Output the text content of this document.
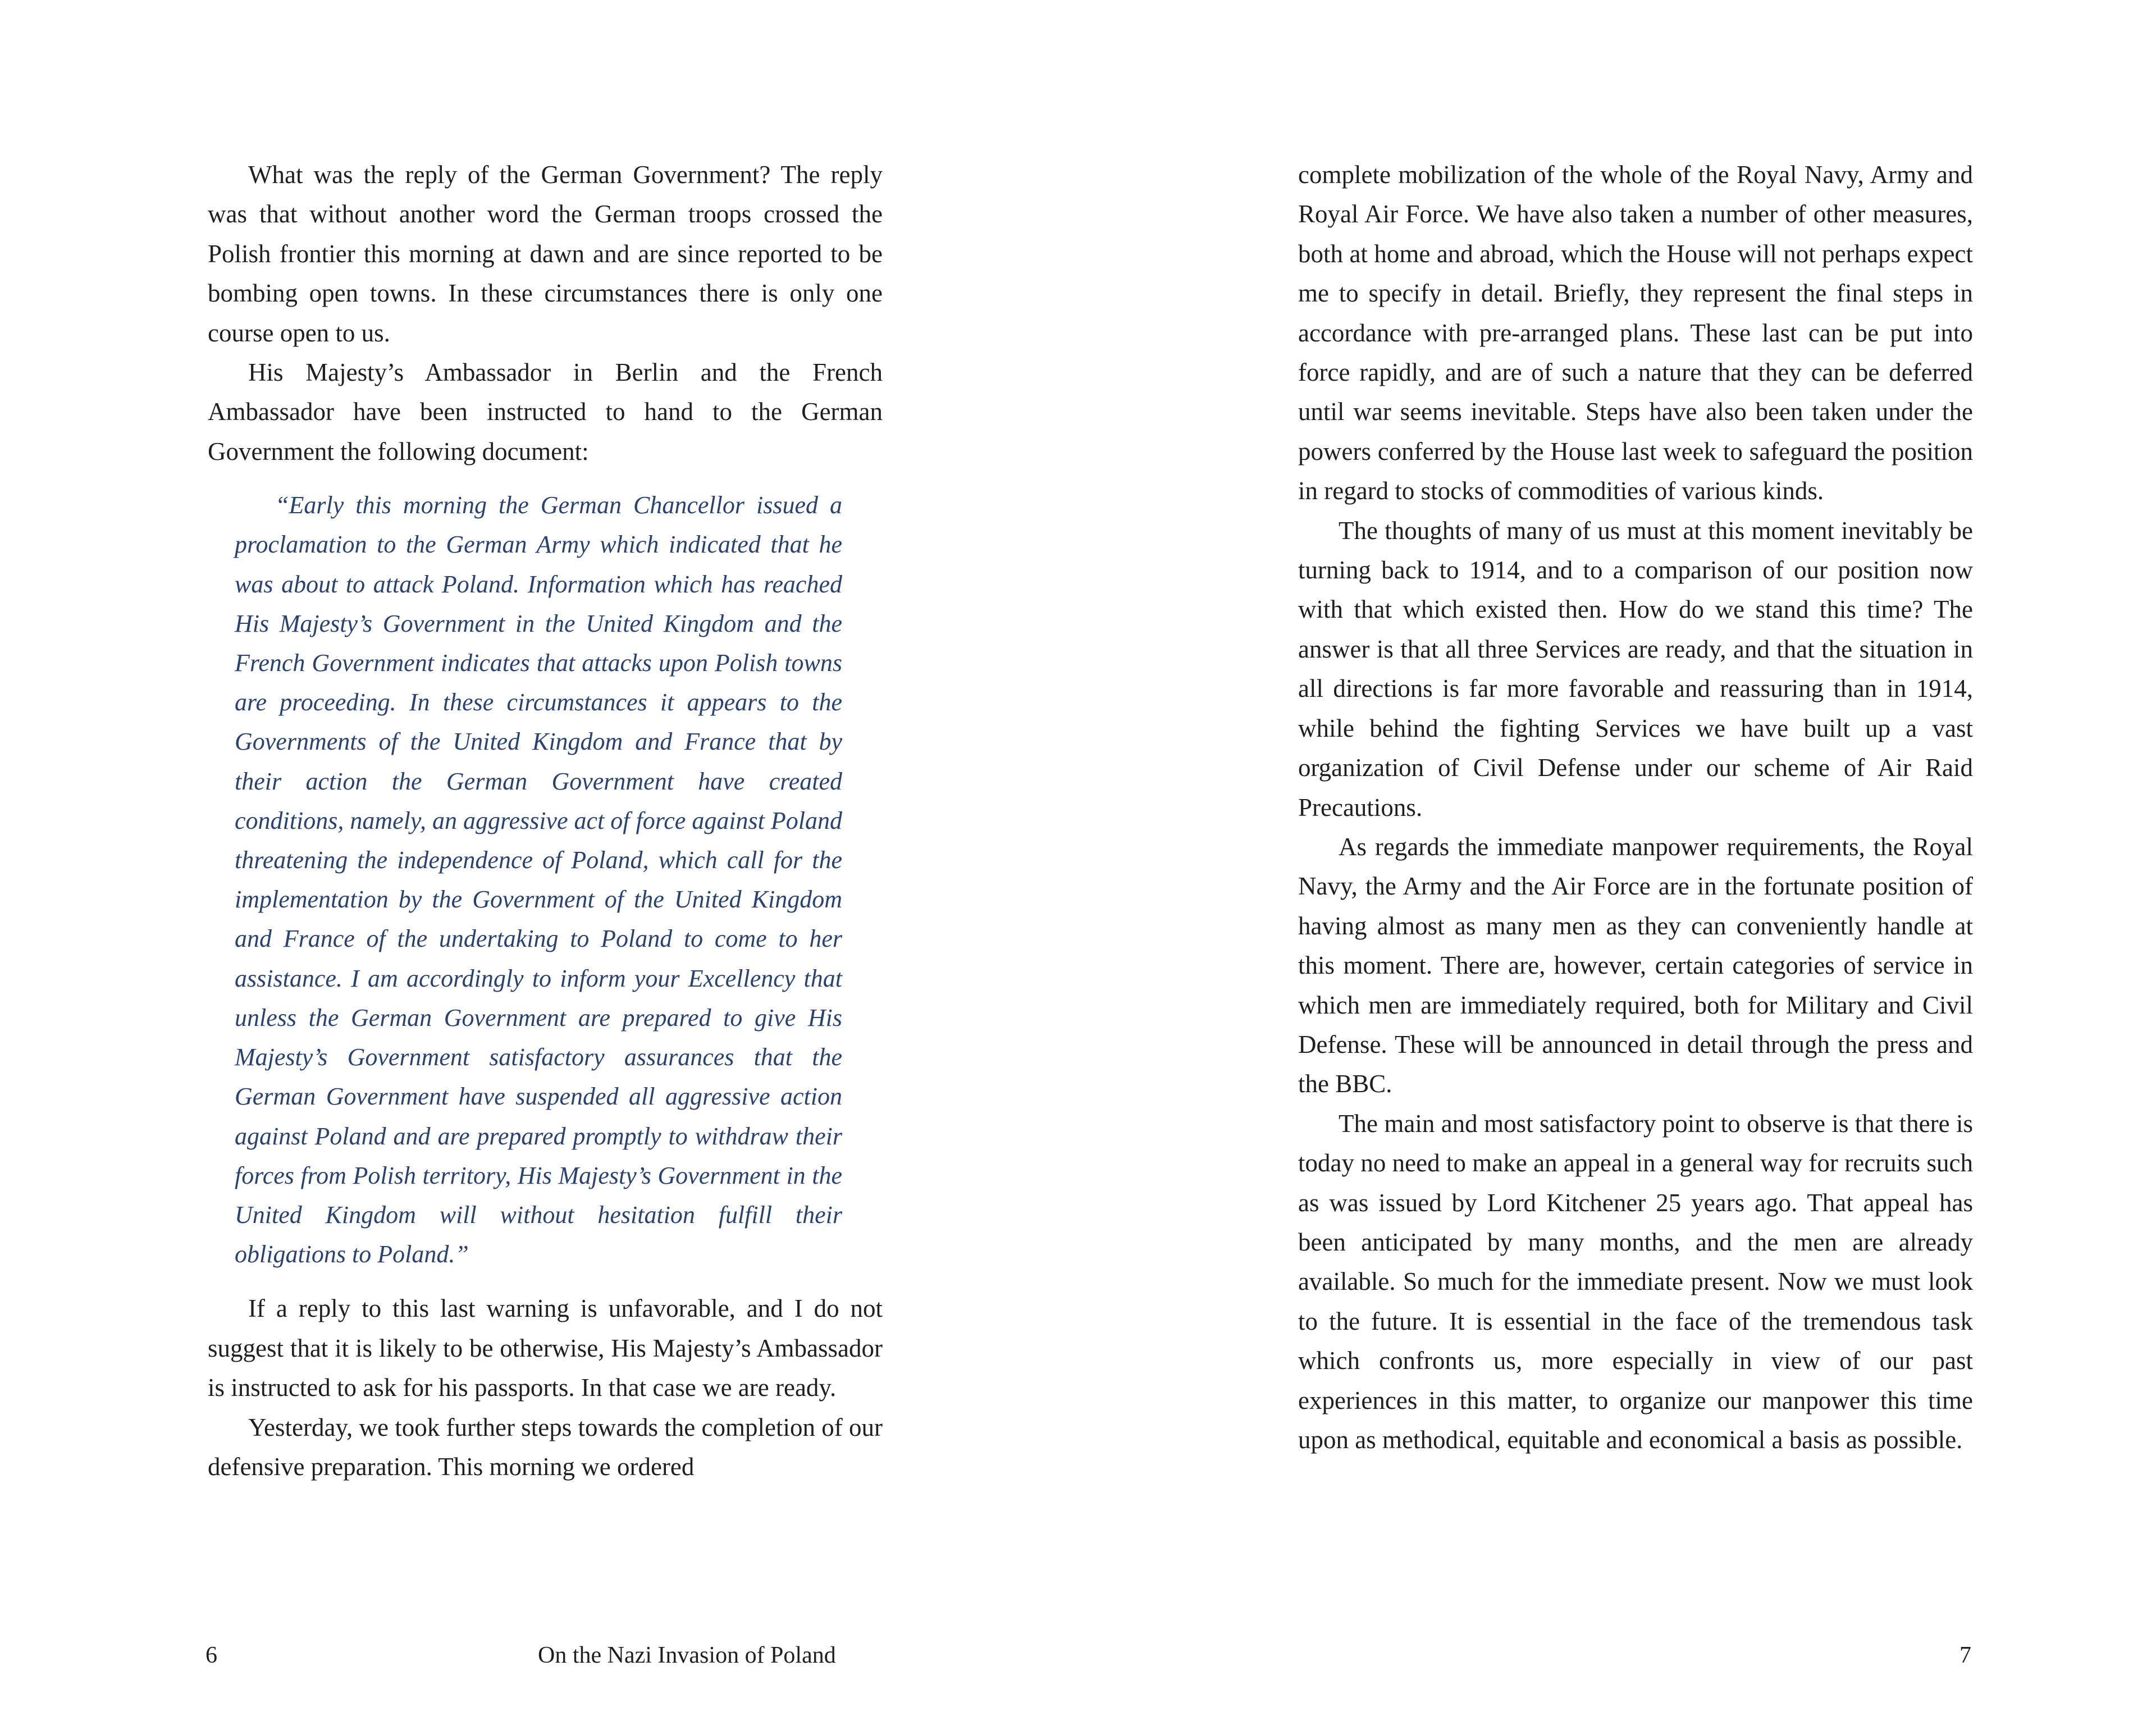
What was the reply of the German Government? The reply was that without another word the German troops crossed the Polish frontier this morning at dawn and are since reported to be bombing open towns. In these circumstances there is only one course open to us.

His Majesty’s Ambassador in Berlin and the French Ambassador have been instructed to hand to the German Government the following document:

“Early this morning the German Chancellor issued a proclamation to the German Army which indicated that he was about to attack Poland. Information which has reached His Majesty’s Government in the United Kingdom and the French Government indicates that attacks upon Polish towns are proceeding. In these circumstances it appears to the Governments of the United Kingdom and France that by their action the German Government have created conditions, namely, an aggressive act of force against Poland threatening the independence of Poland, which call for the implementation by the Government of the United Kingdom and France of the undertaking to Poland to come to her assistance. I am accordingly to inform your Excellency that unless the German Government are prepared to give His Majesty’s Government satisfactory assurances that the German Government have suspended all aggressive action against Poland and are prepared promptly to withdraw their forces from Polish territory, His Majesty’s Government in the United Kingdom will without hesitation fulfill their obligations to Poland.”

If a reply to this last warning is unfavorable, and I do not suggest that it is likely to be otherwise, His Majesty’s Ambassador is instructed to ask for his passports. In that case we are ready.

Yesterday, we took further steps towards the completion of our defensive preparation. This morning we ordered

6	On the Nazi Invasion of Poland

complete mobilization of the whole of the Royal Navy, Army and Royal Air Force. We have also taken a number of other measures, both at home and abroad, which the House will not perhaps expect me to specify in detail. Briefly, they represent the final steps in accordance with pre-arranged plans. These last can be put into force rapidly, and are of such a nature that they can be deferred until war seems inevitable. Steps have also been taken under the powers conferred by the House last week to safeguard the position in regard to stocks of commodities of various kinds.

The thoughts of many of us must at this moment inevitably be turning back to 1914, and to a comparison of our position now with that which existed then. How do we stand this time? The answer is that all three Services are ready, and that the situation in all directions is far more favorable and reassuring than in 1914, while behind the fighting Services we have built up a vast organization of Civil Defense under our scheme of Air Raid Precautions.

As regards the immediate manpower requirements, the Royal Navy, the Army and the Air Force are in the fortunate position of having almost as many men as they can conveniently handle at this moment. There are, however, certain categories of service in which men are immediately required, both for Military and Civil Defense. These will be announced in detail through the press and the BBC.

The main and most satisfactory point to observe is that there is today no need to make an appeal in a general way for recruits such as was issued by Lord Kitchener 25 years ago. That appeal has been anticipated by many months, and the men are already available. So much for the immediate present. Now we must look to the future. It is essential in the face of the tremendous task which confronts us, more especially in view of our past experiences in this matter, to organize our manpower this time upon as methodical, equitable and economical a basis as possible.

7
